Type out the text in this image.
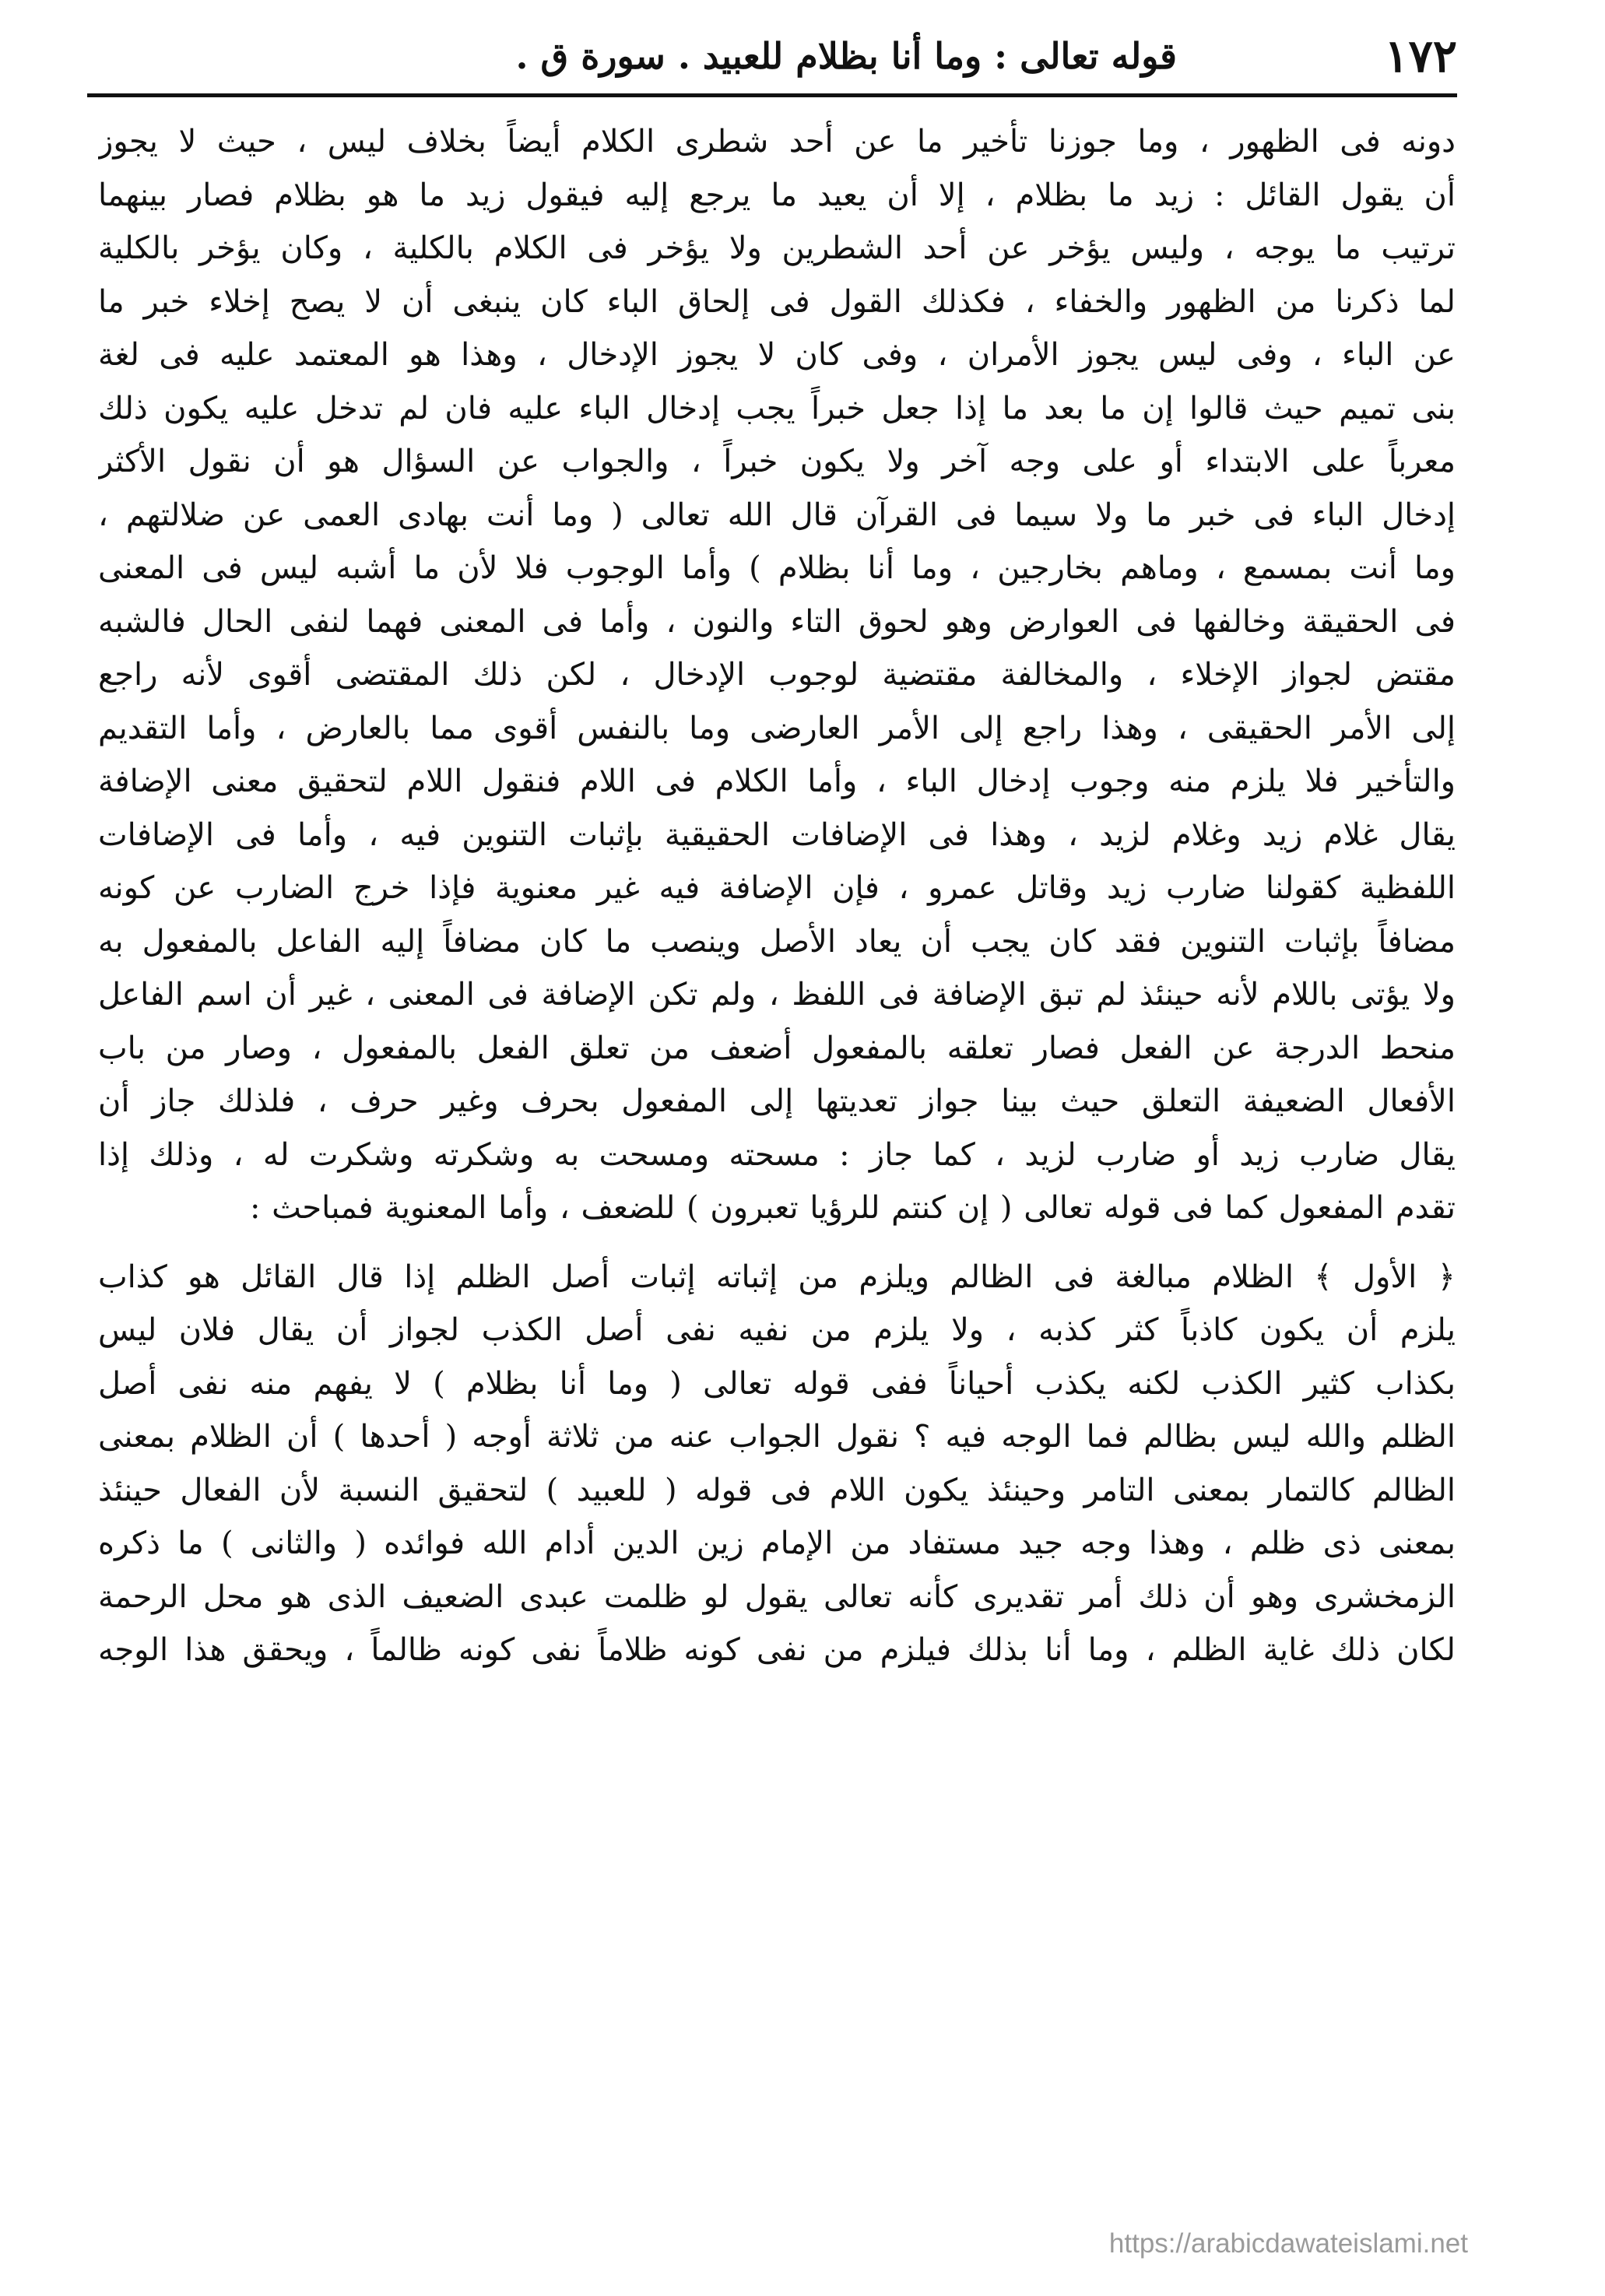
١٧٢
قوله تعالى : وما أنا بظلام للعبيد . سورة ق .
دونه فى الظهور ، وما جوزنا تأخير ما عن أحد شطرى الكلام أيضاً بخلاف ليس ، حيث لا يجوز
أن يقول القائل : زيد ما بظلام ، إلا أن يعيد ما يرجع إليه فيقول زيد ما هو بظلام فصار بينهما
ترتيب ما يوجه ، وليس يؤخر عن أحد الشطرين ولا يؤخر فى الكلام بالكلية ، وكان يؤخر بالكلية
لما ذكرنا من الظهور والخفاء ، فكذلك القول فى إلحاق الباء كان ينبغى أن لا يصح إخلاء خبر ما
عن الباء ، وفى ليس يجوز الأمران ، وفى كان لا يجوز الإدخال ، وهذا هو المعتمد عليه فى لغة
بنى تميم حيث قالوا إن ما بعد ما إذا جعل خبراً يجب إدخال الباء عليه فان لم تدخل عليه يكون ذلك
معرباً على الابتداء أو على وجه آخر ولا يكون خبراً ، والجواب عن السؤال هو أن نقول الأكثر
إدخال الباء فى خبر ما ولا سيما فى القرآن قال الله تعالى ( وما أنت بهادى العمى عن ضلالتهم ،
وما أنت بمسمع ، وماهم بخارجين ، وما أنا بظلام ) وأما الوجوب فلا لأن ما أشبه ليس فى المعنى
فى الحقيقة وخالفها فى العوارض وهو لحوق التاء والنون ، وأما فى المعنى فهما لنفى الحال فالشبه
مقتض لجواز الإخلاء ، والمخالفة مقتضية لوجوب الإدخال ، لكن ذلك المقتضى أقوى لأنه راجع
إلى الأمر الحقيقى ، وهذا راجع إلى الأمر العارضى وما بالنفس أقوى مما بالعارض ، وأما التقديم
والتأخير فلا يلزم منه وجوب إدخال الباء ، وأما الكلام فى اللام فنقول اللام لتحقيق معنى الإضافة
يقال غلام زيد وغلام لزيد ، وهذا فى الإضافات الحقيقية بإثبات التنوين فيه ، وأما فى الإضافات
اللفظية كقولنا ضارب زيد وقاتل عمرو ، فإن الإضافة فيه غير معنوية فإذا خرج الضارب عن كونه
مضافاً بإثبات التنوين فقد كان يجب أن يعاد الأصل وينصب ما كان مضافاً إليه الفاعل بالمفعول به
ولا يؤتى باللام لأنه حينئذ لم تبق الإضافة فى اللفظ ، ولم تكن الإضافة فى المعنى ، غير أن اسم الفاعل
منحط الدرجة عن الفعل فصار تعلقه بالمفعول أضعف من تعلق الفعل بالمفعول ، وصار من باب
الأفعال الضعيفة التعلق حيث بينا جواز تعديتها إلى المفعول بحرف وغير حرف ، فلذلك جاز أن
يقال ضارب زيد أو ضارب لزيد ، كما جاز : مسحته ومسحت به وشكرته وشكرت له ، وذلك إذا
تقدم المفعول كما فى قوله تعالى ( إن كنتم للرؤيا تعبرون ) للضعف ، وأما المعنوية فمباحث :
﴿ الأول ﴾ الظلام مبالغة فى الظالم ويلزم من إثباته إثبات أصل الظلم إذا قال القائل هو كذاب
يلزم أن يكون كاذباً كثر كذبه ، ولا يلزم من نفيه نفى أصل الكذب لجواز أن يقال فلان ليس
بكذاب كثير الكذب لكنه يكذب أحياناً ففى قوله تعالى ( وما أنا بظلام ) لا يفهم منه نفى أصل
الظلم والله ليس بظالم فما الوجه فيه ؟ نقول الجواب عنه من ثلاثة أوجه ( أحدها ) أن الظلام بمعنى
الظالم كالتمار بمعنى التامر وحينئذ يكون اللام فى قوله ( للعبيد ) لتحقيق النسبة لأن الفعال حينئذ
بمعنى ذى ظلم ، وهذا وجه جيد مستفاد من الإمام زين الدين أدام الله فوائده ( والثانى ) ما ذكره
الزمخشرى وهو أن ذلك أمر تقديرى كأنه تعالى يقول لو ظلمت عبدى الضعيف الذى هو محل الرحمة
لكان ذلك غاية الظلم ، وما أنا بذلك فيلزم من نفى كونه ظلاماً نفى كونه ظالماً ، ويحقق هذا الوجه
https://arabicdawateislami.net
